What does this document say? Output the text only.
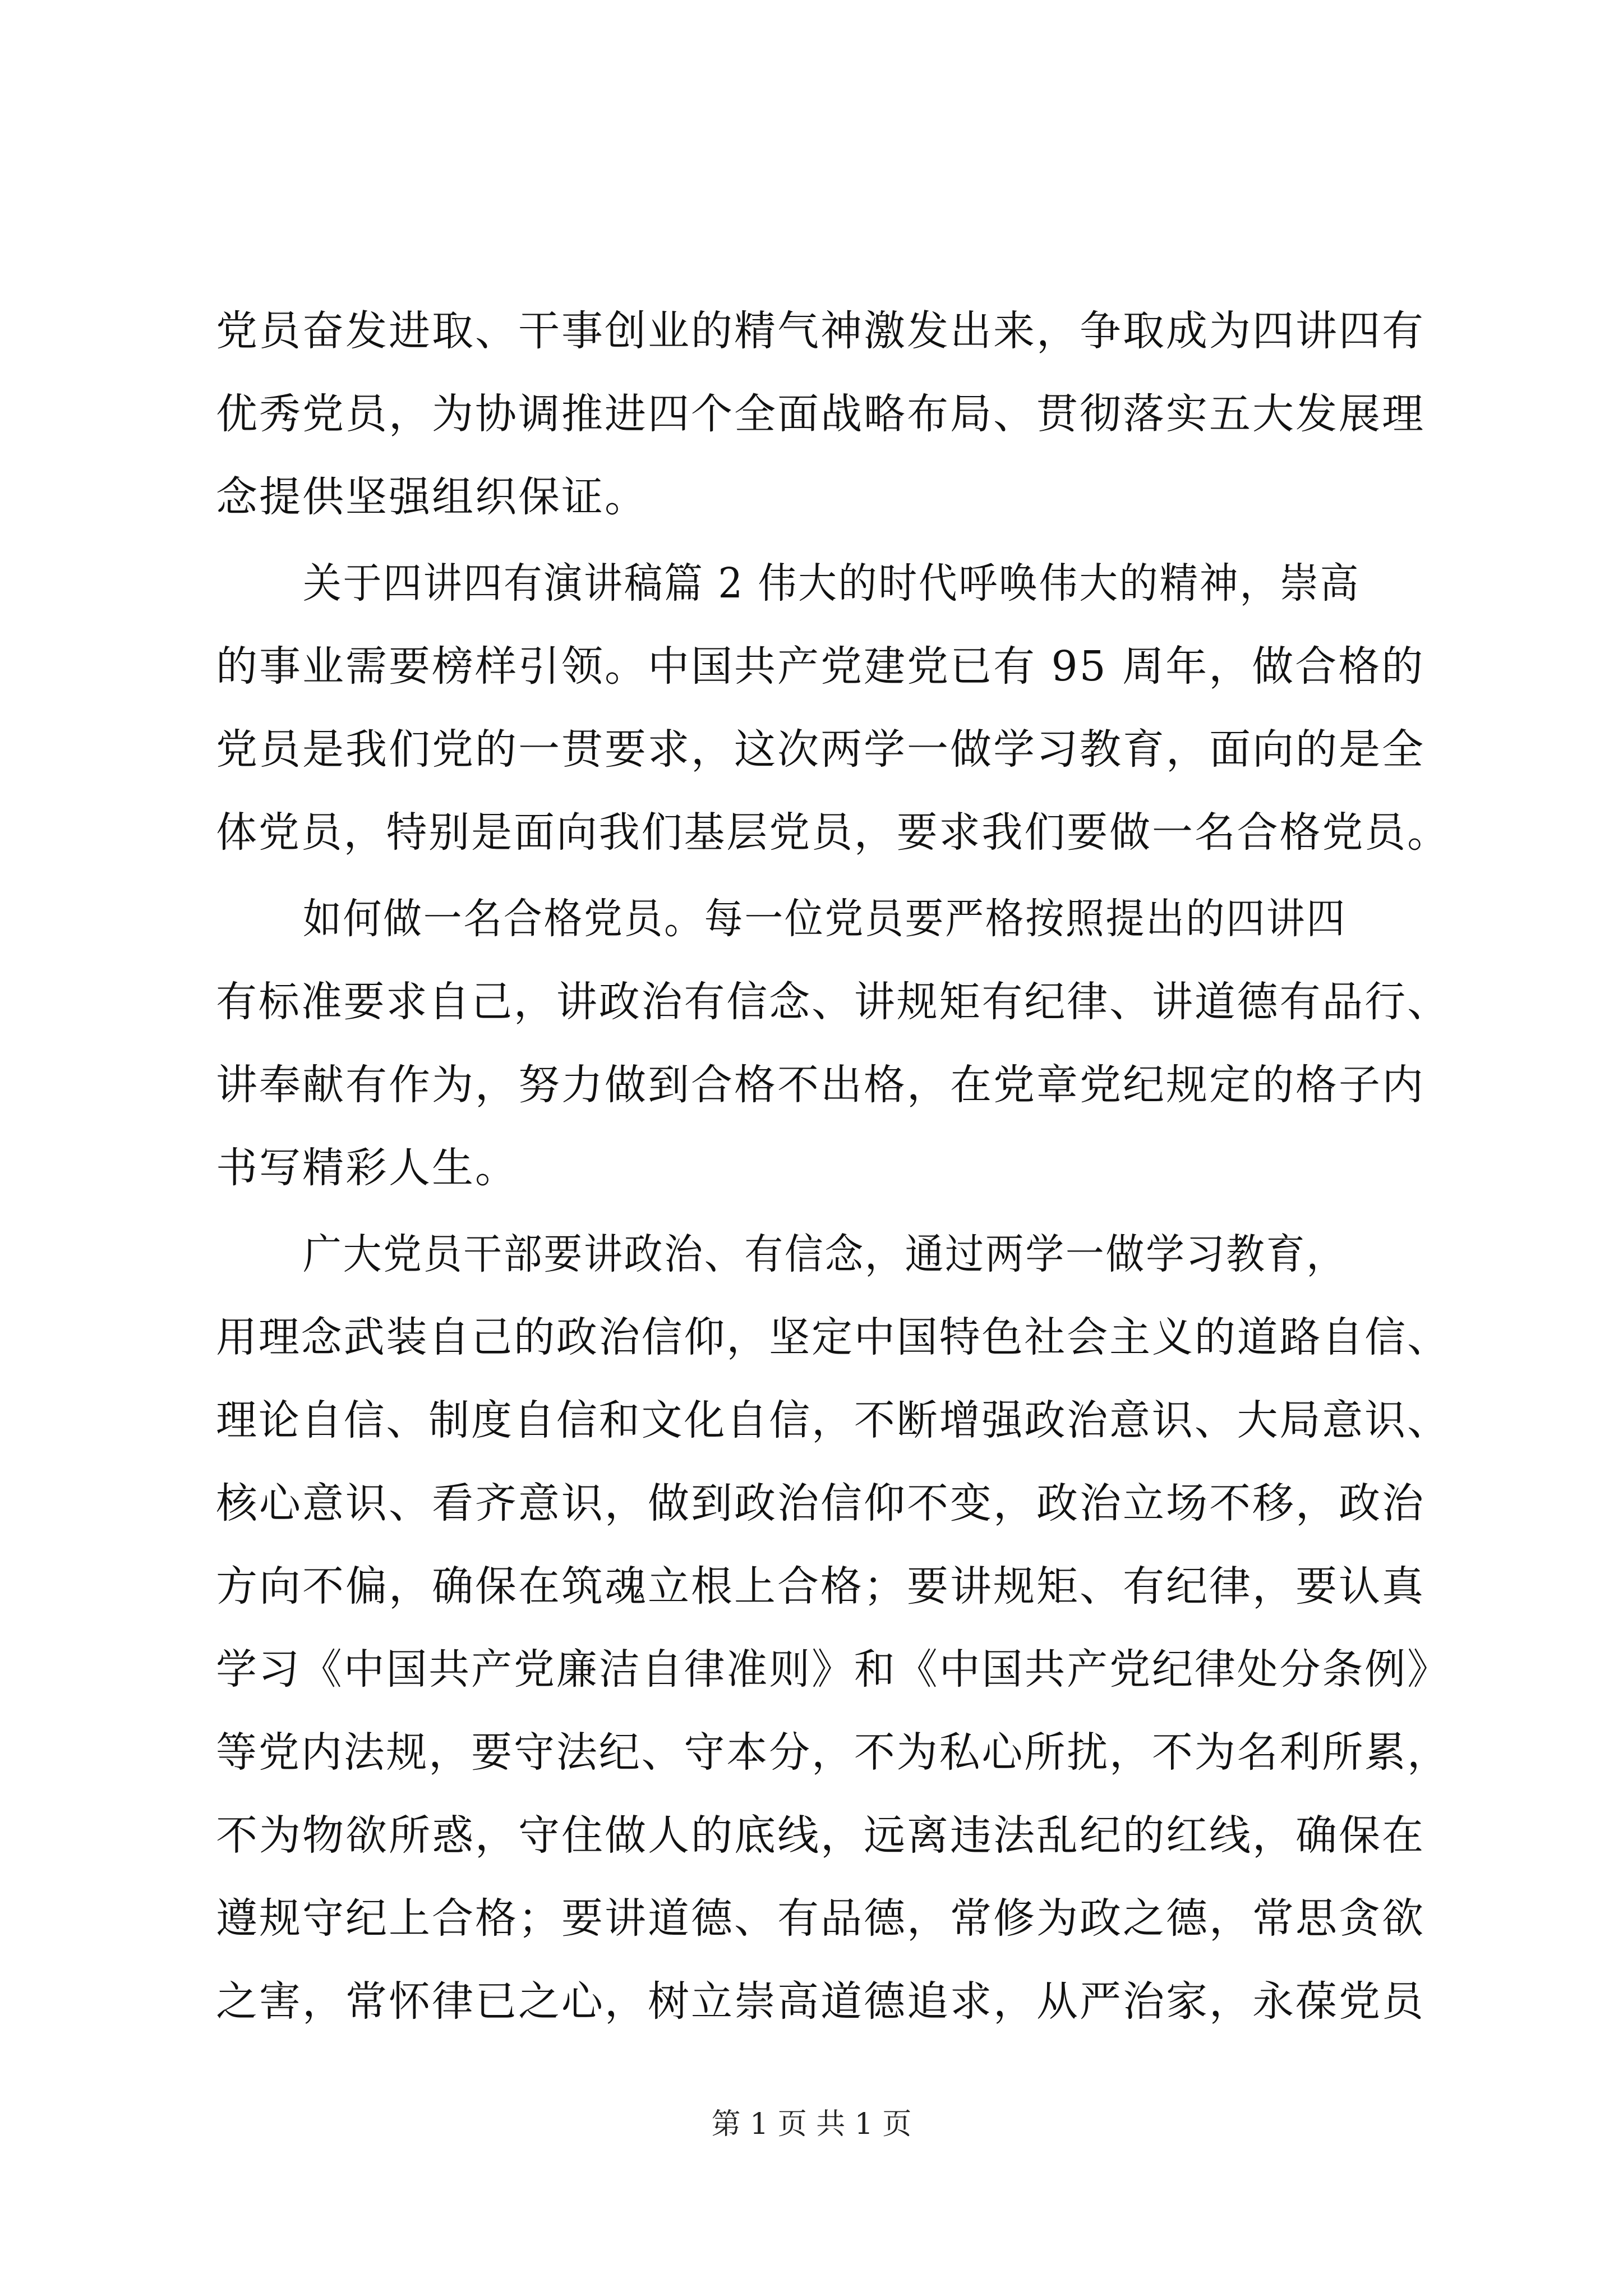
党员奋发进取、干事创业的精气神激发出来，争取成为四讲四有
优秀党员，为协调推进四个全面战略布局、贯彻落实五大发展理
念提供坚强组织保证。
关于四讲四有演讲稿篇 2 伟大的时代呼唤伟大的精神，崇高
的事业需要榜样引领。中国共产党建党已有 95 周年，做合格的
党员是我们党的一贯要求，这次两学一做学习教育，面向的是全
体党员，特别是面向我们基层党员，要求我们要做一名合格党员。
如何做一名合格党员。每一位党员要严格按照提出的四讲四
有标准要求自己，讲政治有信念、讲规矩有纪律、讲道德有品行、
讲奉献有作为，努力做到合格不出格，在党章党纪规定的格子内
书写精彩人生。
广大党员干部要讲政治、有信念，通过两学一做学习教育，
用理念武装自己的政治信仰，坚定中国特色社会主义的道路自信、
理论自信、制度自信和文化自信，不断增强政治意识、大局意识、
核心意识、看齐意识，做到政治信仰不变，政治立场不移，政治
方向不偏，确保在筑魂立根上合格；要讲规矩、有纪律，要认真
学习《中国共产党廉洁自律准则》和《中国共产党纪律处分条例》
等党内法规，要守法纪、守本分，不为私心所扰，不为名利所累，
不为物欲所惑，守住做人的底线，远离违法乱纪的红线，确保在
遵规守纪上合格；要讲道德、有品德，常修为政之德，常思贪欲
之害，常怀律已之心，树立崇高道德追求，从严治家，永葆党员
第 1 页 共 1 页
